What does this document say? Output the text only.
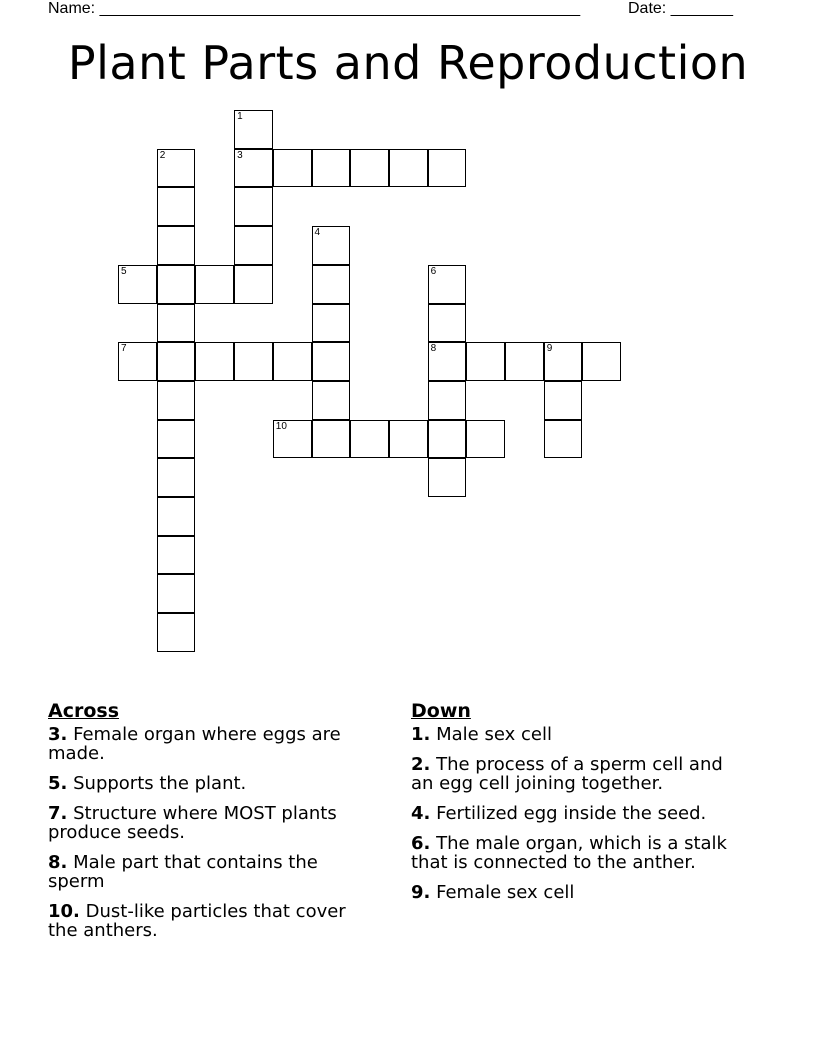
Name: ______________________________________________________	Date: _______
Plant Parts and Reproduction
1
2	3
4
5	6
7	8	9
10
Across
3. Female organ where eggs are made.
5. Supports the plant.
7. Structure where MOST plants produce seeds.
8. Male part that contains the sperm
10. Dust-like particles that cover the anthers.
Down
1. Male sex cell
2. The process of a sperm cell and an egg cell joining together.
4. Fertilized egg inside the seed.
6. The male organ, which is a stalk that is connected to the anther.
9. Female sex cell
